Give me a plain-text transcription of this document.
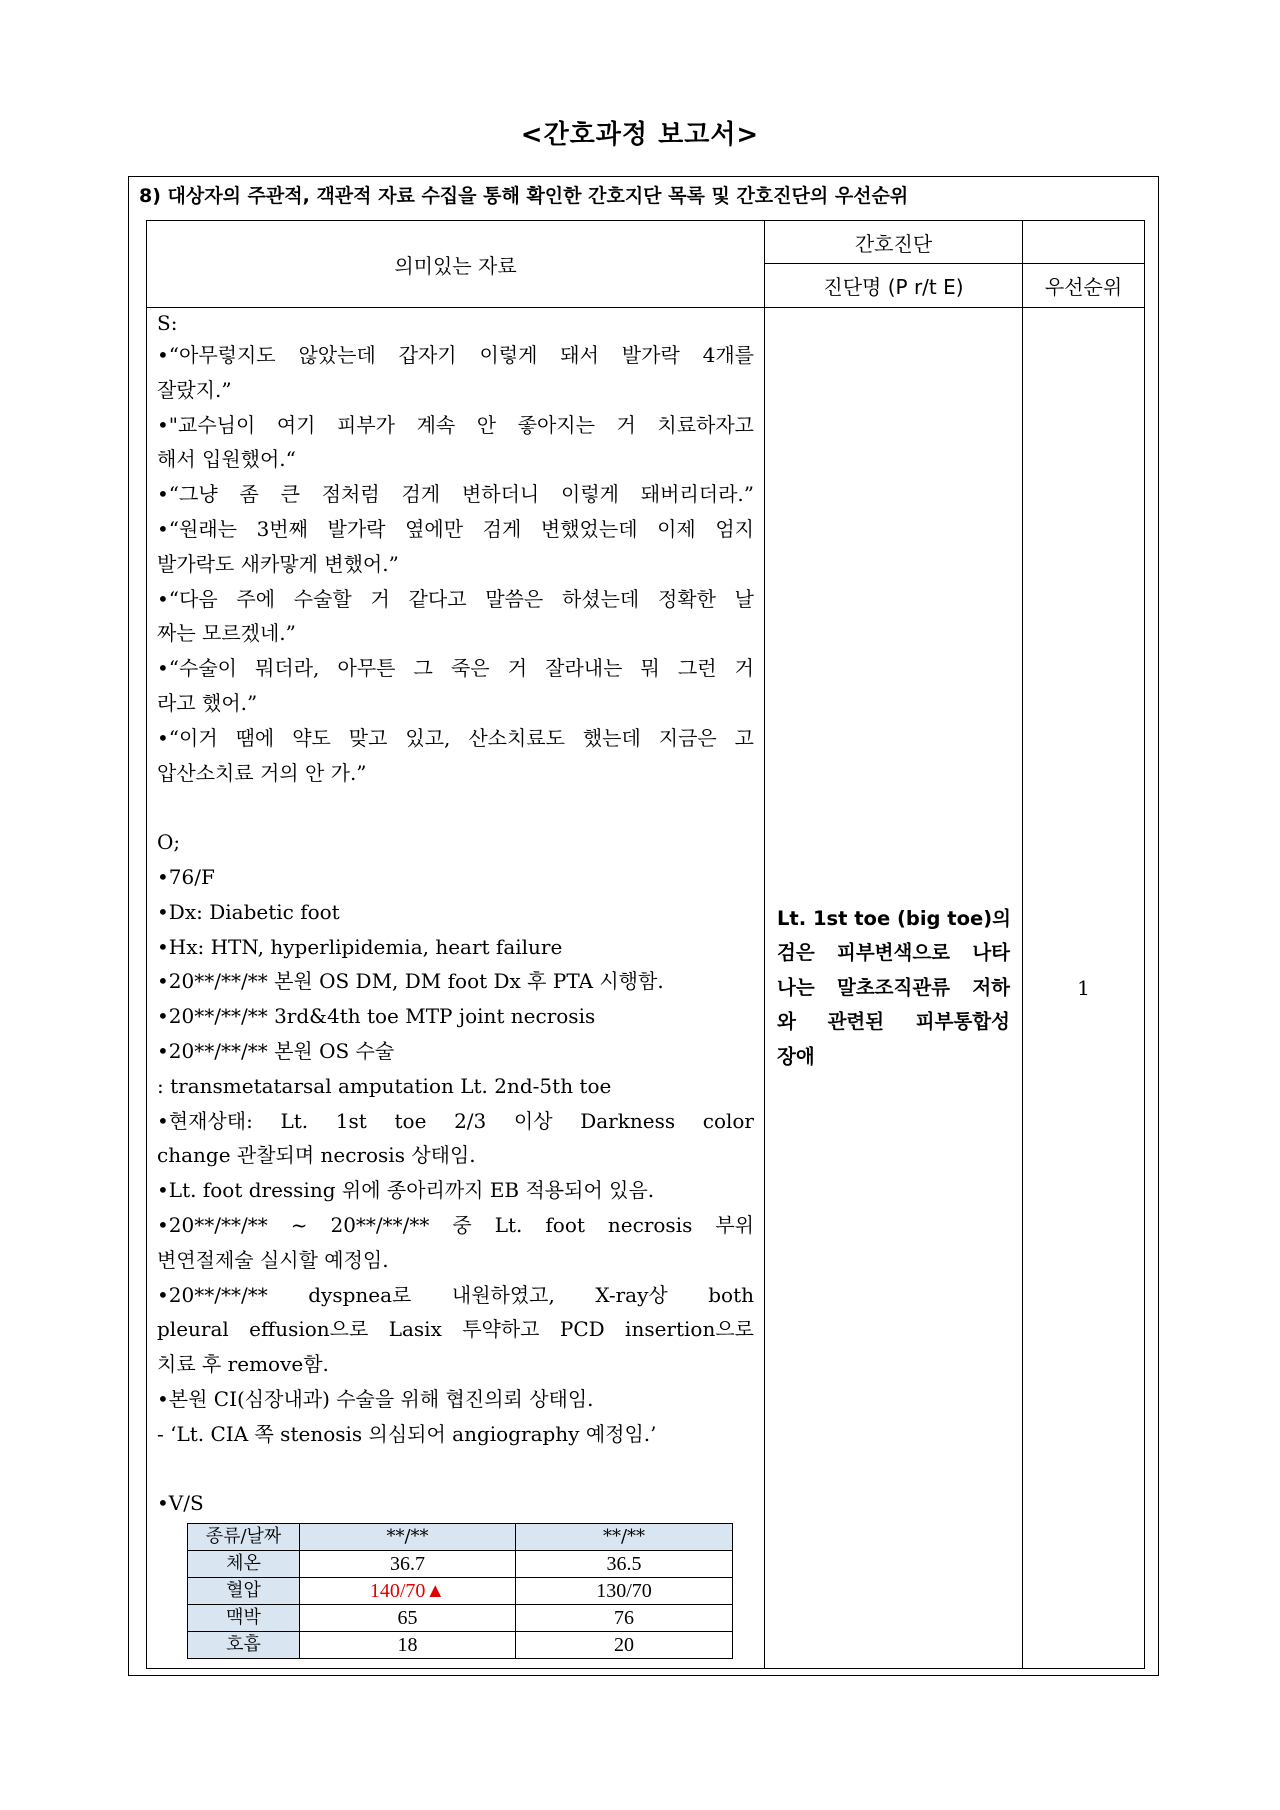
<간호과정 보고서>
8) 대상자의 주관적, 객관적 자료 수집을 통해 확인한 간호지단 목록 및 간호진단의 우선순위
의미있는 자료	간호진단	
진단명 (P r/t E)	우선순위

S:
•“아무렇지도 않았는데 갑자기 이렇게 돼서 발가락 4개를
잘랐지.”
•"교수님이 여기 피부가 계속 안 좋아지는 거 치료하자고
해서 입원했어.“
•“그냥 좀 큰 점처럼 검게 변하더니 이렇게 돼버리더라.”
•“원래는 3번째 발가락 옆에만 검게 변했었는데 이제 엄지
발가락도 새카맣게 변했어.”
•“다음 주에 수술할 거 같다고 말씀은 하셨는데 정확한 날
짜는 모르겠네.”
•“수술이 뭐더라, 아무튼 그 죽은 거 잘라내는 뭐 그런 거
라고 했어.”
•“이거 땜에 약도 맞고 있고, 산소치료도 했는데 지금은 고
압산소치료 거의 안 가.”
O;
•76/F
•Dx: Diabetic foot
•Hx: HTN, hyperlipidemia, heart failure
•20**/**/** 본원 OS DM, DM foot Dx 후 PTA 시행함.
•20**/**/** 3rd&4th toe MTP joint necrosis
•20**/**/** 본원 OS 수술
: transmetatarsal amputation Lt. 2nd-5th toe
•현재상태: Lt. 1st toe 2/3 이상 Darkness color
change 관찰되며 necrosis 상태임.
•Lt. foot dressing 위에 종아리까지 EB 적용되어 있음.
•20**/**/** ~ 20**/**/** 중 Lt. foot necrosis 부위
변연절제술 실시할 예정임.
•20**/**/** dyspnea로 내원하였고, X-ray상 both
pleural effusion으로 Lasix 투약하고 PCD insertion으로
치료 후 remove함.
•본원 CI(심장내과) 수술을 위해 협진의뢰 상태임.
- ‘Lt. CIA 쪽 stenosis 의심되어 angiography 예정임.’
•V/S
종류/날짜	**/**	**/**
체온	36.7	36.5
혈압	140/70▲	130/70
맥박	65	76
호흡	18	20

Lt. 1st toe (big toe)의
검은 피부변색으로 나타
나는 말초조직관류 저하
와 관련된 피부통합성
장애
	1
